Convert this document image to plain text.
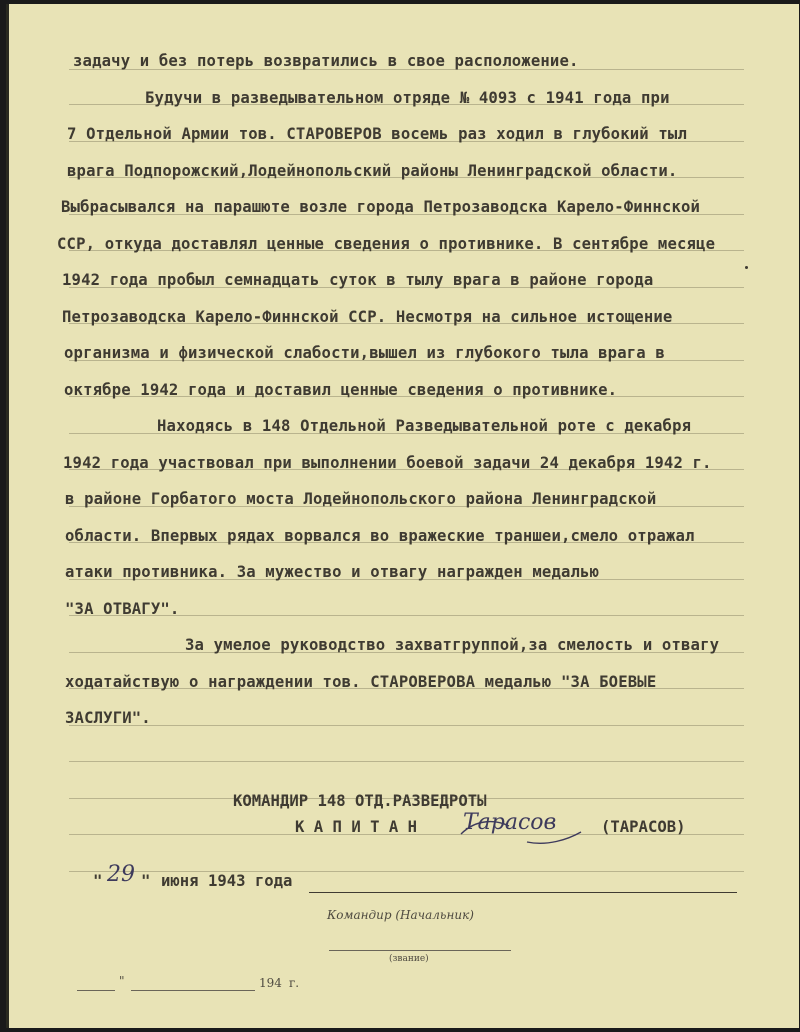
задачу и без потерь возвратились в свое расположение.
Будучи в разведывательном отряде № 4093 с 1941 года при
7 Отдельной Армии тов. СТАРОВЕРОВ восемь раз ходил в глубокий тыл
врага Подпорожский,Лодейнопольский районы Ленинградской области.
Выбрасывался на парашюте возле города Петрозаводска Карело-Финнской
ССР, откуда доставлял ценные сведения о противнике. В сентябре месяце
1942 года пробыл семнадцать суток в тылу врага в районе города
Петрозаводска Карело-Финнской ССР. Несмотря на сильное истощение
организма и физической слабости,вышел из глубокого тыла врага в
октябре 1942 года и доставил ценные сведения о противнике.
Находясь в 148 Отдельной Разведывательной роте с декабря
1942 года участвовал при выполнении боевой задачи 24 декабря 1942 г.
в районе Горбатого моста Лодейнопольского района Ленинградской
области. Впервых рядах ворвался во вражеские траншеи,смело отражал
атаки противника. За мужество и отвагу награжден медалью
"ЗА ОТВАГУ".
За умелое руководство захватгруппой,за смелость и отвагу
ходатайствую о награждении тов. СТАРОВЕРОВА медалью "ЗА БОЕВЫЕ
ЗАСЛУГИ".
КОМАНДИР 148 ОТД.РАЗВЕДРОТЫ
К А П И Т А Н Тарасов	(ТАРАСОВ)
" 29 " июня 1943 года
Командир (Начальник)
(звание)
"	194 г.
